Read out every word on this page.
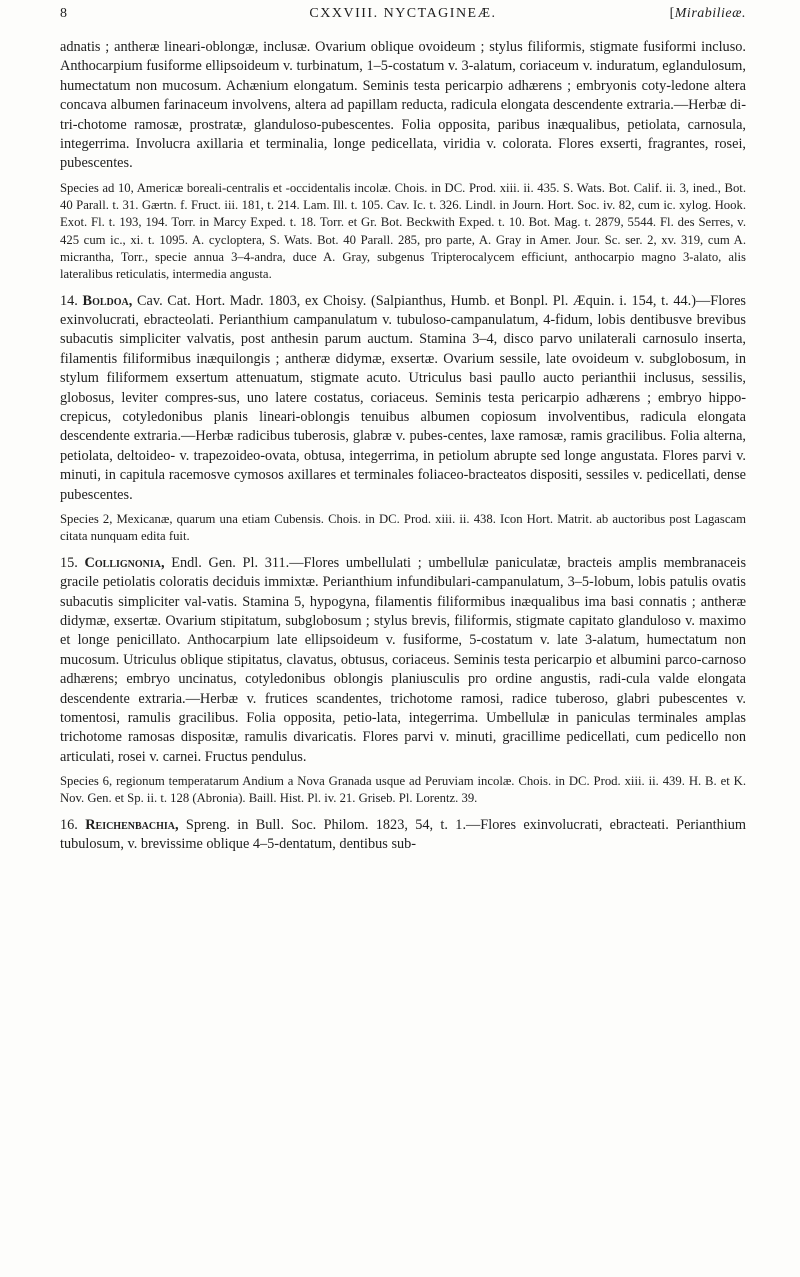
8	CXXVIII. NYCTAGINEÆ.	[Mirabilieæ.

adnatis ; antheræ lineari-oblongæ, inclusæ. Ovarium oblique ovoideum ; stylus filiformis, stigmate fusiformi incluso. Anthocarpium fusiforme ellipsoideum v. turbinatum, 1–5-costatum v. 3-alatum, coriaceum v. induratum, eglandulosum, humectatum non mucosum. Achænium elongatum. Seminis testa pericarpio adhærens ; embryonis coty-ledone altera concava albumen farinaceum involvens, altera ad papillam reducta, radicula elongata descendente extraria.—Herbæ di-tri-chotome ramosæ, prostratæ, glanduloso-pubescentes. Folia opposita, paribus inæqualibus, petiolata, carnosula, integerrima. Involucra axillaria et terminalia, longe pedicellata, viridia v. colorata. Flores exserti, fragrantes, rosei, pubescentes.

Species ad 10, Americæ boreali-centralis et -occidentalis incolæ. Chois. in DC. Prod. xiii. ii. 435. S. Wats. Bot. Calif. ii. 3, ined., Bot. 40 Parall. t. 31. Gærtn. f. Fruct. iii. 181, t. 214. Lam. Ill. t. 105. Cav. Ic. t. 326. Lindl. in Journ. Hort. Soc. iv. 82, cum ic. xylog. Hook. Exot. Fl. t. 193, 194. Torr. in Marcy Exped. t. 18. Torr. et Gr. Bot. Beckwith Exped. t. 10. Bot. Mag. t. 2879, 5544. Fl. des Serres, v. 425 cum ic., xi. t. 1095. A. cycloptera, S. Wats. Bot. 40 Parall. 285, pro parte, A. Gray in Amer. Jour. Sc. ser. 2, xv. 319, cum A. micrantha, Torr., specie annua 3–4-andra, duce A. Gray, subgenus Tripterocalycem efficiunt, anthocarpio magno 3-alato, alis lateralibus reticulatis, intermedia angusta.

14. Boldoa, Cav. Cat. Hort. Madr. 1803, ex Choisy. (Salpianthus, Humb. et Bonpl. Pl. Æquin. i. 154, t. 44.)—Flores exinvolucrati, ebracteolati. Perianthium campanulatum v. tubuloso-campanulatum, 4-fidum, lobis dentibusve brevibus subacutis simpliciter valvatis, post anthesin parum auctum. Stamina 3–4, disco parvo unilaterali carnosulo inserta, filamentis filiformibus inæquilongis ; antheræ didymæ, exsertæ. Ovarium sessile, late ovoideum v. subglobosum, in stylum filiformem exsertum attenuatum, stigmate acuto. Utriculus basi paullo aucto perianthii inclusus, sessilis, globosus, leviter compres-sus, uno latere costatus, coriaceus. Seminis testa pericarpio adhærens ; embryo hippo-crepicus, cotyledonibus planis lineari-oblongis tenuibus albumen copiosum involventibus, radicula elongata descendente extraria.—Herbæ radicibus tuberosis, glabræ v. pubes-centes, laxe ramosæ, ramis gracilibus. Folia alterna, petiolata, deltoideo- v. trapezoideo-ovata, obtusa, integerrima, in petiolum abrupte sed longe angustata. Flores parvi v. minuti, in capitula racemosve cymosos axillares et terminales foliaceo-bracteatos dispositi, sessiles v. pedicellati, dense pubescentes.

Species 2, Mexicanæ, quarum una etiam Cubensis. Chois. in DC. Prod. xiii. ii. 438. Icon Hort. Matrit. ab auctoribus post Lagascam citata nunquam edita fuit.

15. Collignonia, Endl. Gen. Pl. 311.—Flores umbellulati ; umbellulæ paniculatæ, bracteis amplis membranaceis gracile petiolatis coloratis deciduis immixtæ. Perianthium infundibulari-campanulatum, 3–5-lobum, lobis patulis ovatis subacutis simpliciter val-vatis. Stamina 5, hypogyna, filamentis filiformibus inæqualibus ima basi connatis ; antheræ didymæ, exsertæ. Ovarium stipitatum, subglobosum ; stylus brevis, filiformis, stigmate capitato glanduloso v. maximo et longe penicillato. Anthocarpium late ellipsoideum v. fusiforme, 5-costatum v. late 3-alatum, humectatum non mucosum. Utriculus oblique stipitatus, clavatus, obtusus, coriaceus. Seminis testa pericarpio et albumini parco-carnoso adhærens; embryo uncinatus, cotyledonibus oblongis planiusculis pro ordine angustis, radi-cula valde elongata descendente extraria.—Herbæ v. frutices scandentes, trichotome ramosi, radice tuberoso, glabri pubescentes v. tomentosi, ramulis gracilibus. Folia opposita, petio-lata, integerrima. Umbellulæ in paniculas terminales amplas trichotome ramosas dispositæ, ramulis divaricatis. Flores parvi v. minuti, gracillime pedicellati, cum pedicello non articulati, rosei v. carnei. Fructus pendulus.

Species 6, regionum temperatarum Andium a Nova Granada usque ad Peruviam incolæ. Chois. in DC. Prod. xiii. ii. 439. H. B. et K. Nov. Gen. et Sp. ii. t. 128 (Abronia). Baill. Hist. Pl. iv. 21. Griseb. Pl. Lorentz. 39.

16. Reichenbachia, Spreng. in Bull. Soc. Philom. 1823, 54, t. 1.—Flores exinvolucrati, ebracteati. Perianthium tubulosum, v. brevissime oblique 4–5-dentatum, dentibus sub-
